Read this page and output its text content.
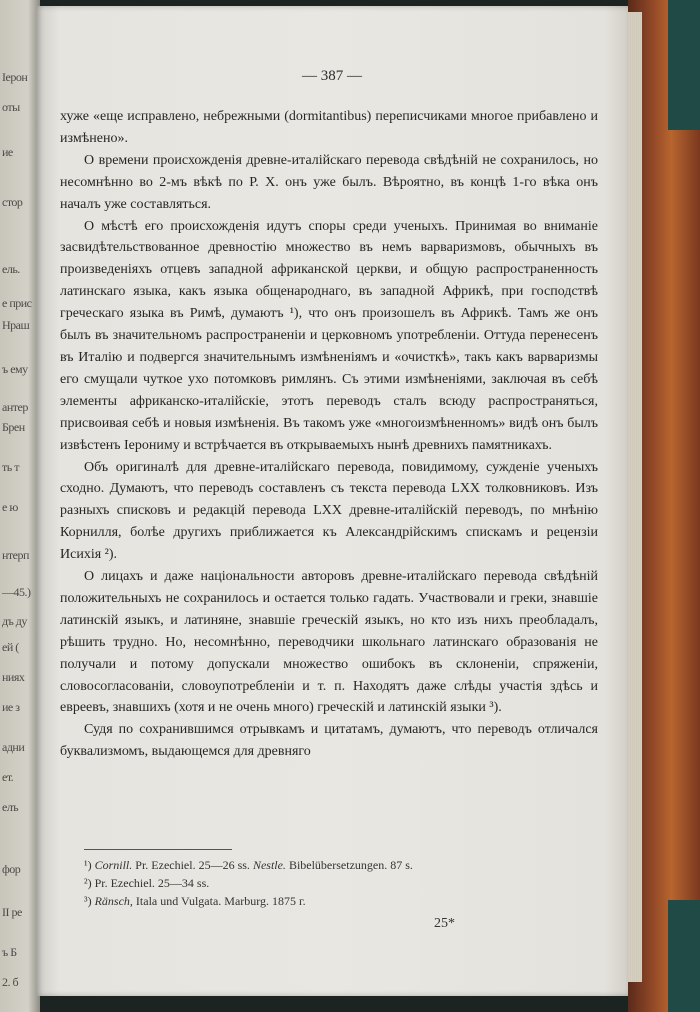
Іерон
оты
ие
стор
ель.
е прис
Нраш
ъ ему
антер
Брен
ть т
е ю
—45.)
нтерп
дъ ду
ей (
ниях
ие з
адни
ет.
елъ
фор
ІІ ре
ъ Б
2. б
— 387 —

хуже «еще исправлено, небрежными (dormitantibus) переписчиками многое прибавлено и измѣнено».

О времени происхожденія древне-италійскаго перевода свѣдѣній не сохранилось, но несомнѣнно во 2-мъ вѣкѣ по Р. Х. онъ уже былъ. Вѣроятно, въ концѣ 1-го вѣка онъ началъ уже составляться.

О мѣстѣ его происхожденія идутъ споры среди ученыхъ. Принимая во вниманіе засвидѣтельствованное древностію множество въ немъ варваризмовъ, обычныхъ въ произведеніяхъ отцевъ западной африканской церкви, и общую распространенность латинскаго языка, какъ языка общенароднаго, въ западной Африкѣ, при господствѣ греческаго языка въ Римѣ, думаютъ ¹), что онъ произошелъ въ Африкѣ. Тамъ же онъ былъ въ значительномъ распространеніи и церковномъ употребленіи. Оттуда перенесенъ въ Италію и подвергся значительнымъ измѣненіямъ и «очисткѣ», такъ какъ варваризмы его смущали чуткое ухо потомковъ римлянъ. Съ этими измѣненіями, заключая въ себѣ элементы африканско-италійскіе, этотъ переводъ сталъ всюду распространяться, присвоивая себѣ и новыя измѣненія. Въ такомъ уже «многоизмѣненномъ» видѣ онъ былъ извѣстенъ Іерониму и встрѣчается въ открываемыхъ нынѣ древнихъ памятникахъ.

Объ оригиналѣ для древне-италійскаго перевода, повидимому, сужденіе ученыхъ сходно. Думаютъ, что переводъ составленъ съ текста перевода LXX толковниковъ. Изъ разныхъ списковъ и редакцій перевода LXX древне-италійскій переводъ, по мнѣнію Корнилля, болѣе другихъ приближается къ Александрійскимъ спискамъ и рецензіи Исихія ²).

О лицахъ и даже національности авторовъ древне-италійскаго перевода свѣдѣній положительныхъ не сохранилось и остается только гадать. Участвовали и греки, знавшіе латинскій языкъ, и латиняне, знавшіе греческій языкъ, но кто изъ нихъ преобладалъ, рѣшить трудно. Но, несомнѣнно, переводчики школьнаго латинскаго образованія не получали и потому допускали множество ошибокъ въ склоненіи, спряженіи, словосогласованіи, словоупотребленіи и т. п. Находятъ даже слѣды участія здѣсь и евреевъ, знавшихъ (хотя и не очень много) греческій и латинскій языки ³).

Судя по сохранившимся отрывкамъ и цитатамъ, думаютъ, что переводъ отличался буквализмомъ, выдающемся для древняго

¹) Cornill. Pr. Ezechiel. 25—26 ss. Nestle. Bibelübersetzungen. 87 s.
²) Pr. Ezechiel. 25—34 ss.
³) Ränsch, Itala und Vulgata. Marburg. 1875 г.
25*
